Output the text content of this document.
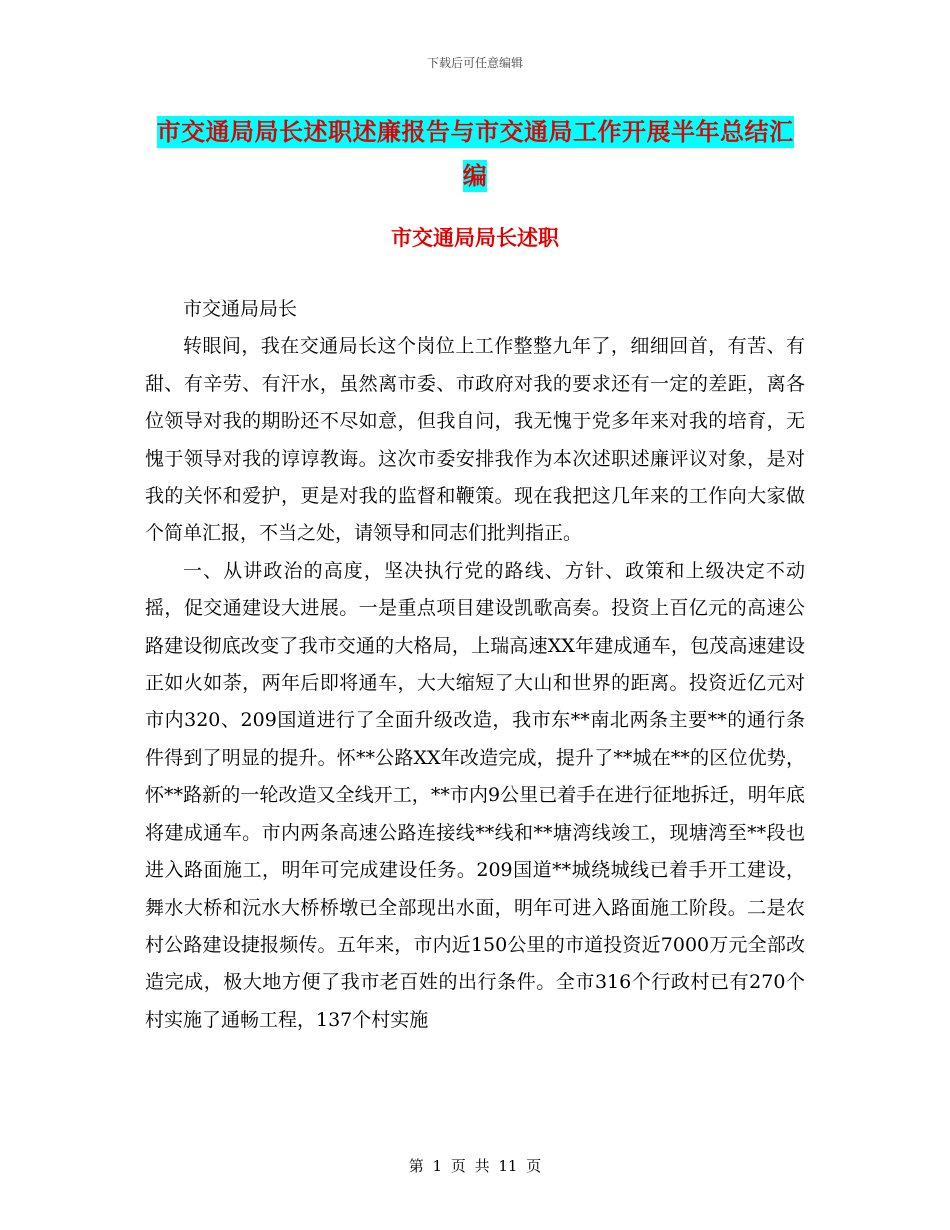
下载后可任意编辑
市交通局局长述职述廉报告与市交通局工作开展半年总结汇编
市交通局局长述职

市交通局局长

转眼间，我在交通局长这个岗位上工作整整九年了，细细回首，有苦、有甜、有辛劳、有汗水，虽然离市委、市政府对我的要求还有一定的差距，离各位领导对我的期盼还不尽如意，但我自问，我无愧于党多年来对我的培育，无愧于领导对我的谆谆教诲。这次市委安排我作为本次述职述廉评议对象，是对我的关怀和爱护，更是对我的监督和鞭策。现在我把这几年来的工作向大家做个简单汇报，不当之处，请领导和同志们批判指正。

一、从讲政治的高度，坚决执行党的路线、方针、政策和上级决定不动摇，促交通建设大进展。一是重点项目建设凯歌高奏。投资上百亿元的高速公路建设彻底改变了我市交通的大格局，上瑞高速XX年建成通车，包茂高速建设正如火如荼，两年后即将通车，大大缩短了大山和世界的距离。投资近亿元对市内320、209国道进行了全面升级改造，我市东**南北两条主要**的通行条件得到了明显的提升。怀**公路XX年改造完成，提升了**城在**的区位优势，怀**路新的一轮改造又全线开工，**市内9公里已着手在进行征地拆迁，明年底将建成通车。市内两条高速公路连接线**线和**塘湾线竣工，现塘湾至**段也进入路面施工，明年可完成建设任务。209国道**城绕城线已着手开工建设，舞水大桥和沅水大桥桥墩已全部现出水面，明年可进入路面施工阶段。二是农村公路建设捷报频传。五年来，市内近150公里的市道投资近7000万元全部改造完成，极大地方便了我市老百姓的出行条件。全市316个行政村已有270个村实施了通畅工程，137个村实施

第 1 页 共 11 页
